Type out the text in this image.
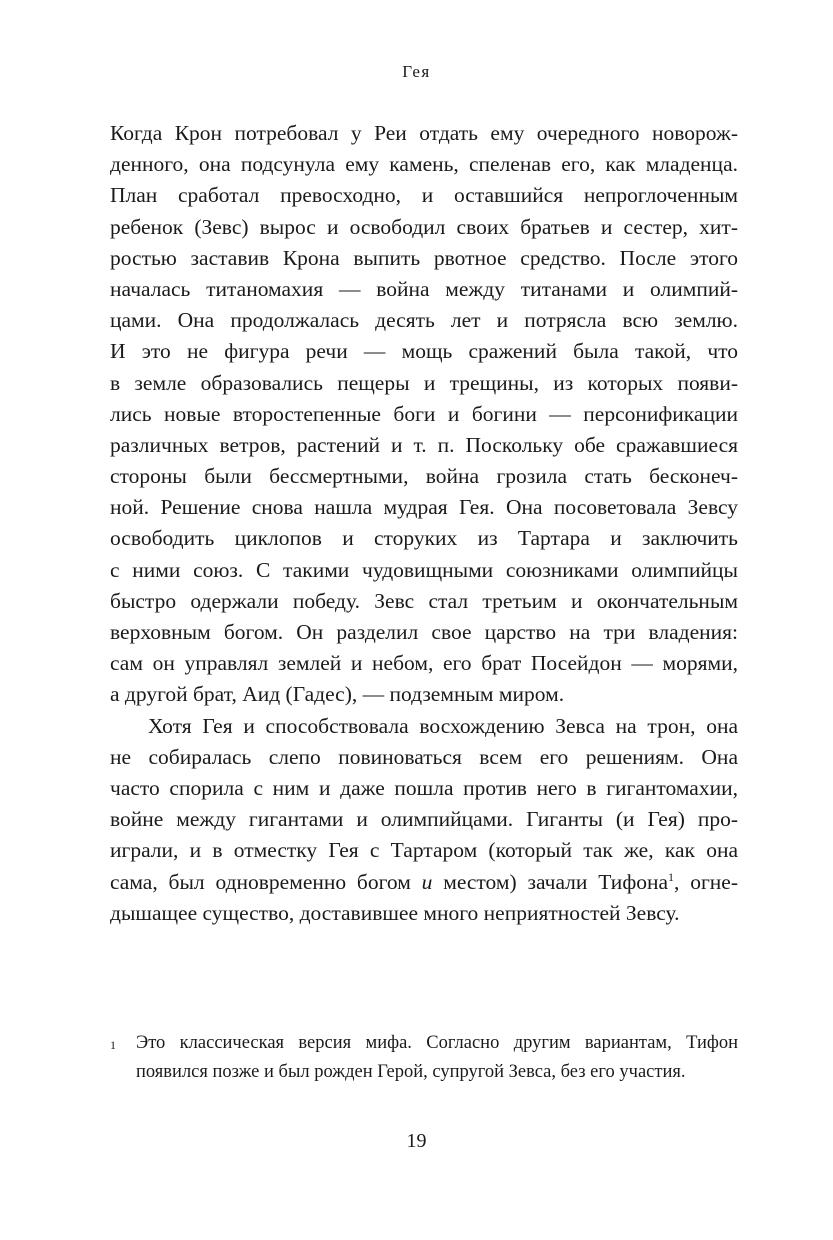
Гея
Когда Крон потребовал у Реи отдать ему очередного новорож-
денного, она подсунула ему камень, спеленав его, как младенца.
План сработал превосходно, и оставшийся непроглоченным
ребенок (Зевс) вырос и освободил своих братьев и сестер, хит-
ростью заставив Крона выпить рвотное средство. После этого
началась титаномахия — война между титанами и олимпий-
цами. Она продолжалась десять лет и потрясла всю землю.
И это не фигура речи — мощь сражений была такой, что
в земле образовались пещеры и трещины, из которых появи-
лись новые второстепенные боги и богини — персонификации
различных ветров, растений и т. п. Поскольку обе сражавшиеся
стороны были бессмертными, война грозила стать бесконеч-
ной. Решение снова нашла мудрая Гея. Она посоветовала Зевсу
освободить циклопов и сторуких из Тартара и заключить
с ними союз. С такими чудовищными союзниками олимпийцы
быстро одержали победу. Зевс стал третьим и окончательным
верховным богом. Он разделил свое царство на три владения:
сам он управлял землей и небом, его брат Посейдон — морями,
а другой брат, Аид (Гадес), — подземным миром.
Хотя Гея и способствовала восхождению Зевса на трон, она
не собиралась слепо повиноваться всем его решениям. Она
часто спорила с ним и даже пошла против него в гигантомахии,
войне между гигантами и олимпийцами. Гиганты (и Гея) про-
играли, и в отместку Гея с Тартаром (который так же, как она
сама, был одновременно богом и местом) зачали Тифона$^1$, огне-
дышащее существо, доставившее много неприятностей Зевсу.
1 Это классическая версия мифа. Согласно другим вариантам, Тифон
появился позже и был рожден Герой, супругой Зевса, без его участия.
19
